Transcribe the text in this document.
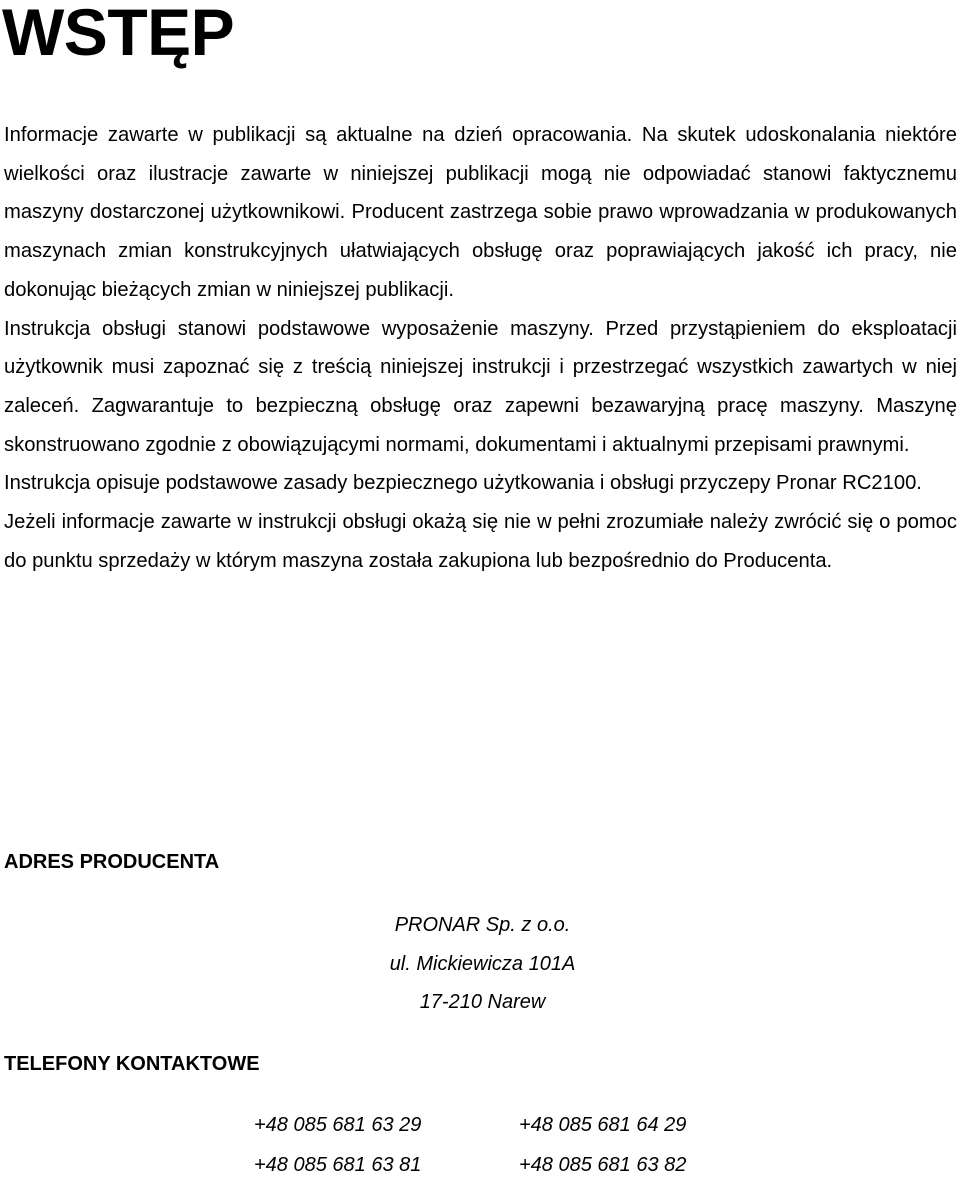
WSTĘP

Informacje zawarte w publikacji są aktualne na dzień opracowania. Na skutek udoskonalania niektóre wielkości oraz ilustracje zawarte w niniejszej publikacji mogą nie odpowiadać stanowi faktycznemu maszyny dostarczonej użytkownikowi. Producent zastrzega sobie prawo wprowadzania w produkowanych maszynach zmian konstrukcyjnych ułatwiających obsługę oraz poprawiających jakość ich pracy, nie dokonując bieżących zmian w niniejszej publikacji.

Instrukcja obsługi stanowi podstawowe wyposażenie maszyny. Przed przystąpieniem do eksploatacji użytkownik musi zapoznać się z treścią niniejszej instrukcji i przestrzegać wszystkich zawartych w niej zaleceń. Zagwarantuje to bezpieczną obsługę oraz zapewni bezawaryjną pracę maszyny. Maszynę skonstruowano zgodnie z obowiązującymi normami, dokumentami i aktualnymi przepisami prawnymi.

Instrukcja opisuje podstawowe zasady bezpiecznego użytkowania i obsługi przyczepy Pronar RC2100.

Jeżeli informacje zawarte w instrukcji obsługi okażą się nie w pełni zrozumiałe należy zwrócić się o pomoc do punktu sprzedaży w którym maszyna została zakupiona lub bezpośrednio do Producenta.

ADRES PRODUCENTA
PRONAR Sp. z o.o.
ul. Mickiewicza 101A
17-210 Narew
TELEFONY KONTAKTOWE
+48 085 681 63 29	+48 085 681 64 29
+48 085 681 63 81	+48 085 681 63 82
